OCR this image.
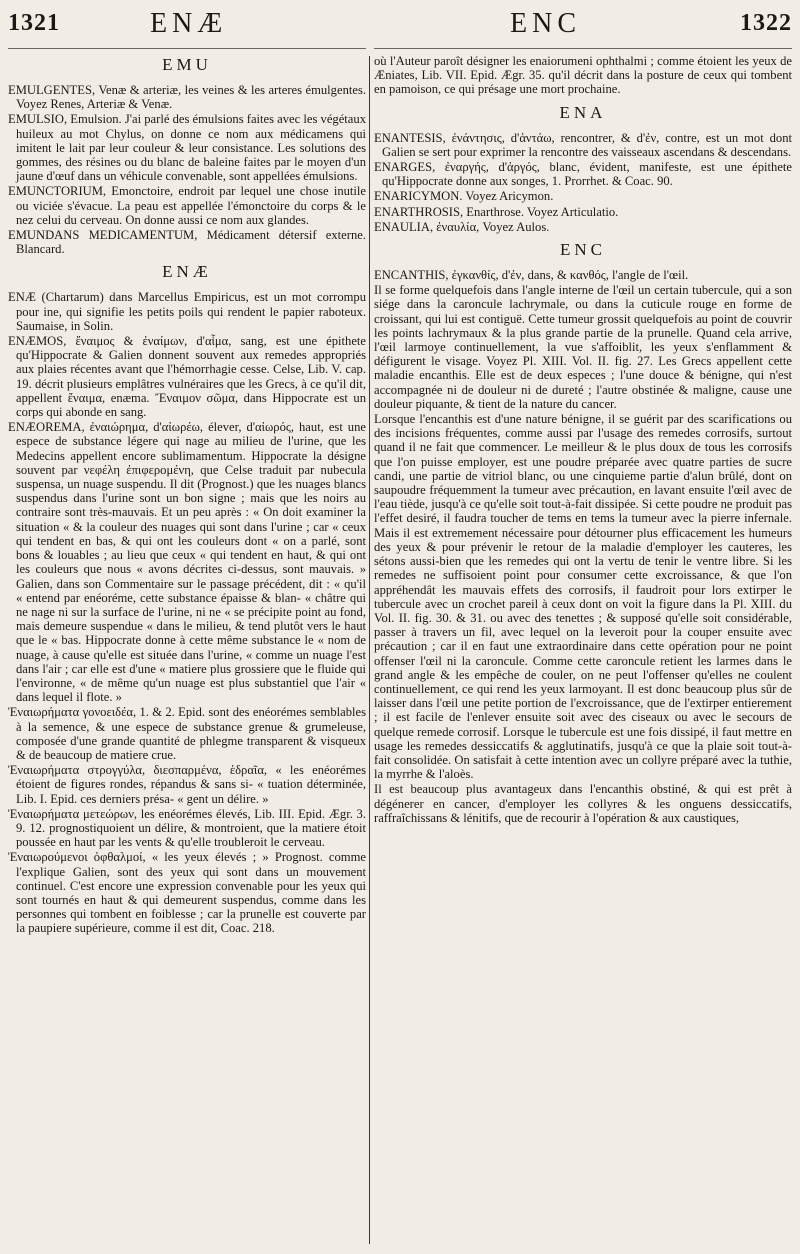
1321	ENÆ	ENC	1322
EMU

EMULGENTES, Venæ & arteriæ, les veines & les arteres émulgentes. Voyez Renes, Arteriæ & Venæ.

EMULSIO, Emulsion. J'ai parlé des émulsions faites avec les végétaux huileux au mot Chylus, on donne ce nom aux médicamens qui imitent le lait par leur couleur & leur consistance. Les solutions des gommes, des résines ou du blanc de baleine faites par le moyen d'un jaune d'œuf dans un véhicule convenable, sont appellées émulsions.

EMUNCTORIUM, Emonctoire, endroit par lequel une chose inutile ou viciée s'évacue. La peau est appellée l'émonctoire du corps & le nez celui du cerveau. On donne aussi ce nom aux glandes.

EMUNDANS MEDICAMENTUM, Médicament détersif externe. Blancard.

ENÆ

ENÆ (Chartarum) dans Marcellus Empiricus, est un mot corrompu pour ine, qui signifie les petits poils qui rendent le papier raboteux. Saumaise, in Solin.

ENÆMOS, ἔναιμος & ἐναίμων, d'αἷμα, sang, est une épithete qu'Hippocrate & Galien donnent souvent aux remedes appropriés aux plaies récentes avant que l'hémorrhagie cesse. Celse, Lib. V. cap. 19. décrit plusieurs emplâtres vulnéraires que les Grecs, à ce qu'il dit, appellent ἔναιμα, enæma. Ἔναιμον σῶμα, dans Hippocrate est un corps qui abonde en sang.

ENÆOREMA, ἐναιώρημα, d'αἰωρέω, élever, d'αἰωρός, haut, est une espece de substance légere qui nage au milieu de l'urine, que les Medecins appellent encore sublimamentum. Hippocrate la désigne souvent par νεφέλη ἐπιφερομένη, que Celse traduit par nubecula suspensa, un nuage suspendu. Il dit (Prognost.) que les nuages blancs suspendus dans l'urine sont un bon signe ; mais que les noirs au contraire sont très-mauvais. Et un peu après : « On doit examiner la situation « & la couleur des nuages qui sont dans l'urine ; car « ceux qui tendent en bas, & qui ont les couleurs dont « on a parlé, sont bons & louables ; au lieu que ceux « qui tendent en haut, & qui ont les couleurs que nous « avons décrites ci-dessus, sont mauvais. » Galien, dans son Commentaire sur le passage précédent, dit : « qu'il « entend par enéoréme, cette substance épaisse & blan- « châtre qui ne nage ni sur la surface de l'urine, ni ne « se précipite point au fond, mais demeure suspendue « dans le milieu, & tend plutôt vers le haut que le « bas. Hippocrate donne à cette même substance le « nom de nuage, à cause qu'elle est située dans l'urine, « comme un nuage l'est dans l'air ; car elle est d'une « matiere plus grossiere que le fluide qui l'environne, « de même qu'un nuage est plus substantiel que l'air « dans lequel il flote. »

Ἐναιωρήματα γονοειδέα, 1. & 2. Epid. sont des enéorémes semblables à la semence, & une espece de substance grenue & grumeleuse, composée d'une grande quantité de phlegme transparent & visqueux & de beaucoup de matiere crue.

Ἐναιωρήματα στρογγύλα, διεσπαρμένα, ἑδραῖα, « les enéorémes étoient de figures rondes, répandus & sans si- « tuation déterminée, Lib. I. Epid. ces derniers présa- « gent un délire. »

Ἐναιωρήματα μετεώρων, les enéorémes élevés, Lib. III. Epid. Ægr. 3. 9. 12. prognostiquoient un délire, & montroient, que la matiere étoit poussée en haut par les vents & qu'elle troubleroit le cerveau.

Ἐναιωρούμενοι ὀφθαλμοί, « les yeux élevés ; » Prognost. comme l'explique Galien, sont des yeux qui sont dans un mouvement continuel. C'est encore une expression convenable pour les yeux qui sont tournés en haut & qui demeurent suspendus, comme dans les personnes qui tombent en foiblesse ; car la prunelle est couverte par la paupiere supérieure, comme il est dit, Coac. 218.

où l'Auteur paroît désigner les enaiorumeni ophthalmi ; comme étoient les yeux de Æniates, Lib. VII. Epid. Ægr. 35. qu'il décrit dans la posture de ceux qui tombent en pamoison, ce qui présage une mort prochaine.

ENA

ENANTESIS, ἐνάντησις, d'ἀντάω, rencontrer, & d'ἐν, contre, est un mot dont Galien se sert pour exprimer la rencontre des vaisseaux ascendans & descendans.

ENARGES, ἐναργής, d'ἀργός, blanc, évident, manifeste, est une épithete qu'Hippocrate donne aux songes, 1. Prorrhet. & Coac. 90.

ENARICYMON. Voyez Aricymon.

ENARTHROSIS, Enarthrose. Voyez Articulatio.

ENAULIA, ἐναυλία, Voyez Aulos.

ENC

ENCANTHIS, ἐγκανθίς, d'ἐν, dans, & κανθός, l'angle de l'œil.

Il se forme quelquefois dans l'angle interne de l'œil un certain tubercule, qui a son siége dans la caroncule lachrymale, ou dans la cuticule rouge en forme de croissant, qui lui est contiguë. Cette tumeur grossit quelquefois au point de couvrir les points lachrymaux & la plus grande partie de la prunelle. Quand cela arrive, l'œil larmoye continuellement, la vue s'affoiblit, les yeux s'enflamment & défigurent le visage. Voyez Pl. XIII. Vol. II. fig. 27. Les Grecs appellent cette maladie encanthis. Elle est de deux especes ; l'une douce & bénigne, qui n'est accompagnée ni de douleur ni de dureté ; l'autre obstinée & maligne, cause une douleur piquante, & tient de la nature du cancer.

Lorsque l'encanthis est d'une nature bénigne, il se guérit par des scarifications ou des incisions fréquentes, comme aussi par l'usage des remedes corrosifs, surtout quand il ne fait que commencer. Le meilleur & le plus doux de tous les corrosifs que l'on puisse employer, est une poudre préparée avec quatre parties de sucre candi, une partie de vitriol blanc, ou une cinquieme partie d'alun brûlé, dont on saupoudre fréquemment la tumeur avec précaution, en lavant ensuite l'œil avec de l'eau tiède, jusqu'à ce qu'elle soit tout-à-fait dissipée. Si cette poudre ne produit pas l'effet desiré, il faudra toucher de tems en tems la tumeur avec la pierre infernale. Mais il est extremement nécessaire pour détourner plus efficacement les humeurs des yeux & pour prévenir le retour de la maladie d'employer les cauteres, les sétons aussi-bien que les remedes qui ont la vertu de tenir le ventre libre. Si les remedes ne suffisoient point pour consumer cette excroissance, & que l'on appréhendât les mauvais effets des corrosifs, il faudroit pour lors extirper le tubercule avec un crochet pareil à ceux dont on voit la figure dans la Pl. XIII. du Vol. II. fig. 30. & 31. ou avec des tenettes ; & supposé qu'elle soit considérable, passer à travers un fil, avec lequel on la leveroit pour la couper ensuite avec précaution ; car il en faut une extraordinaire dans cette opération pour ne point offenser l'œil ni la caroncule. Comme cette caroncule retient les larmes dans le grand angle & les empêche de couler, on ne peut l'offenser qu'elles ne coulent continuellement, ce qui rend les yeux larmoyant. Il est donc beaucoup plus sûr de laisser dans l'œil une petite portion de l'excroissance, que de l'extirper entierement ; il est facile de l'enlever ensuite soit avec des ciseaux ou avec le secours de quelque remede corrosif. Lorsque le tubercule est une fois dissipé, il faut mettre en usage les remedes dessiccatifs & agglutinatifs, jusqu'à ce que la plaie soit tout-à-fait consolidée. On satisfait à cette intention avec un collyre préparé avec la tuthie, la myrrhe & l'aloès.

Il est beaucoup plus avantageux dans l'encanthis obstiné, & qui est prêt à dégénerer en cancer, d'employer les collyres & les onguens dessiccatifs, raffraîchissans & lénitifs, que de recourir à l'opération & aux caustiques,
